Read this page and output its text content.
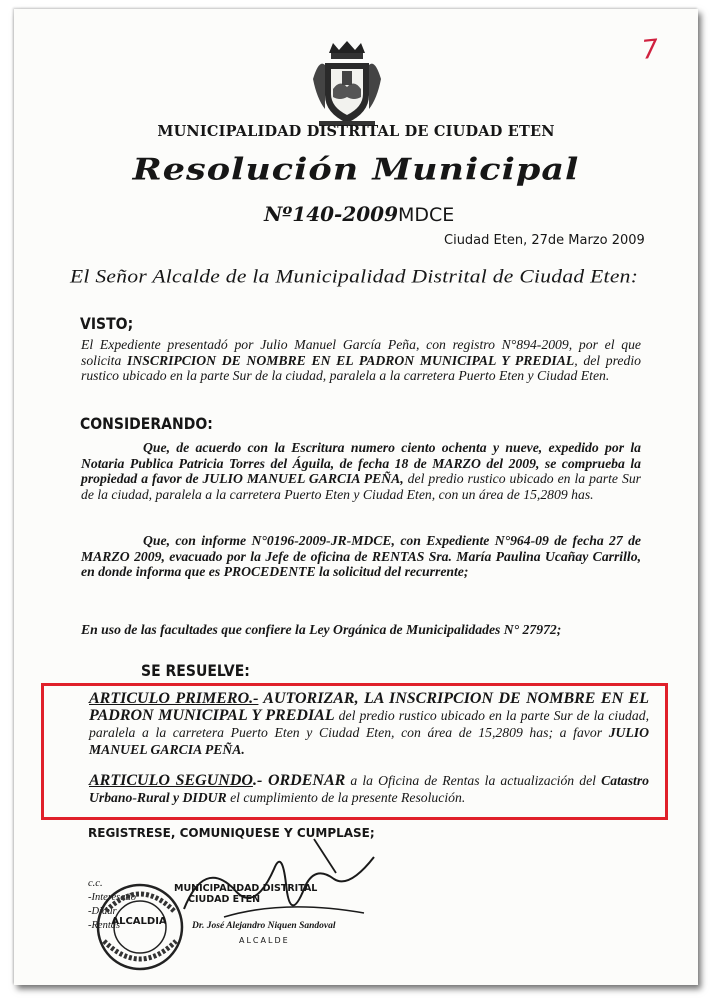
7
MUNICIPALIDAD DISTRITAL DE CIUDAD ETEN
Resolución Municipal
Nº140-2009MDCE
Ciudad Eten, 27de Marzo 2009
El Señor Alcalde de la Municipalidad Distrital de Ciudad Eten:
VISTO;
El Expediente presentadó por Julio Manuel García Peña, con registro N°894-2009, por el que solicita INSCRIPCION DE NOMBRE EN EL PADRON MUNICIPAL Y PREDIAL, del predio rustico ubicado en la parte Sur de la ciudad, paralela a la carretera Puerto Eten y Ciudad Eten.
CONSIDERANDO:
Que, de acuerdo con la Escritura numero ciento ochenta y nueve, expedido por la Notaria Publica Patricia Torres del Águila, de fecha 18 de MARZO del 2009, se comprueba la propiedad a favor de JULIO MANUEL GARCIA PEÑA, del predio rustico ubicado en la parte Sur de la ciudad, paralela a la carretera Puerto Eten y Ciudad Eten, con un área de 15,2809 has.
Que, con informe N°0196-2009-JR-MDCE, con Expediente N°964-09 de fecha 27 de MARZO 2009, evacuado por la Jefe de oficina de RENTAS Sra. María Paulina Ucañay Carrillo, en donde informa que es PROCEDENTE la solicitud del recurrente;
En uso de las facultades que confiere la Ley Orgánica de Municipalidades N° 27972;
SE RESUELVE:
ARTICULO PRIMERO.- AUTORIZAR, LA INSCRIPCION DE NOMBRE EN EL PADRON MUNICIPAL Y PREDIAL del predio rustico ubicado en la parte Sur de la ciudad, paralela a la carretera Puerto Eten y Ciudad Eten, con área de 15,2809 has; a favor JULIO MANUEL GARCIA PEÑA.
ARTICULO SEGUNDO.- ORDENAR a la Oficina de Rentas la actualización del Catastro Urbano-Rural y DIDUR el cumplimiento de la presente Resolución.
REGISTRESE, COMUNIQUESE Y CUMPLASE;
c.c.
-Interesado
-Didur
-Rentas
ALCALDIA
MUNICIPALIDAD DISTRITAL
CIUDAD ETEN
Dr. José Alejandro Niquen Sandoval
ALCALDE
